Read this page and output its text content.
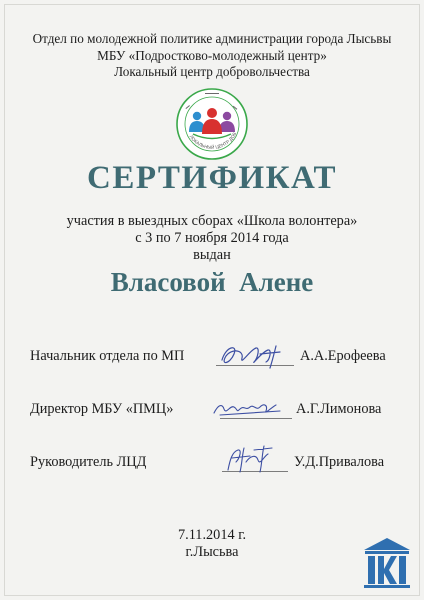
Отдел по молодежной политике администрации города Лысьвы
МБУ «Подростково-молодежный центр»
Локальный центр добровольчества
ЛОКАЛЬНЫЙ ЦЕНТР ДОБ
СЕРТИФИКАТ
участия в выездных сборах «Школа волонтера»
с 3 по 7 ноября 2014 года
выдан
Власовой  Алене
Начальник отдела по МП	А.А.Ерофеева
Директор МБУ «ПМЦ»	А.Г.Лимонова
Руководитель ЛЦД	У.Д.Привалова
7.11.2014 г.
г.Лысьва
